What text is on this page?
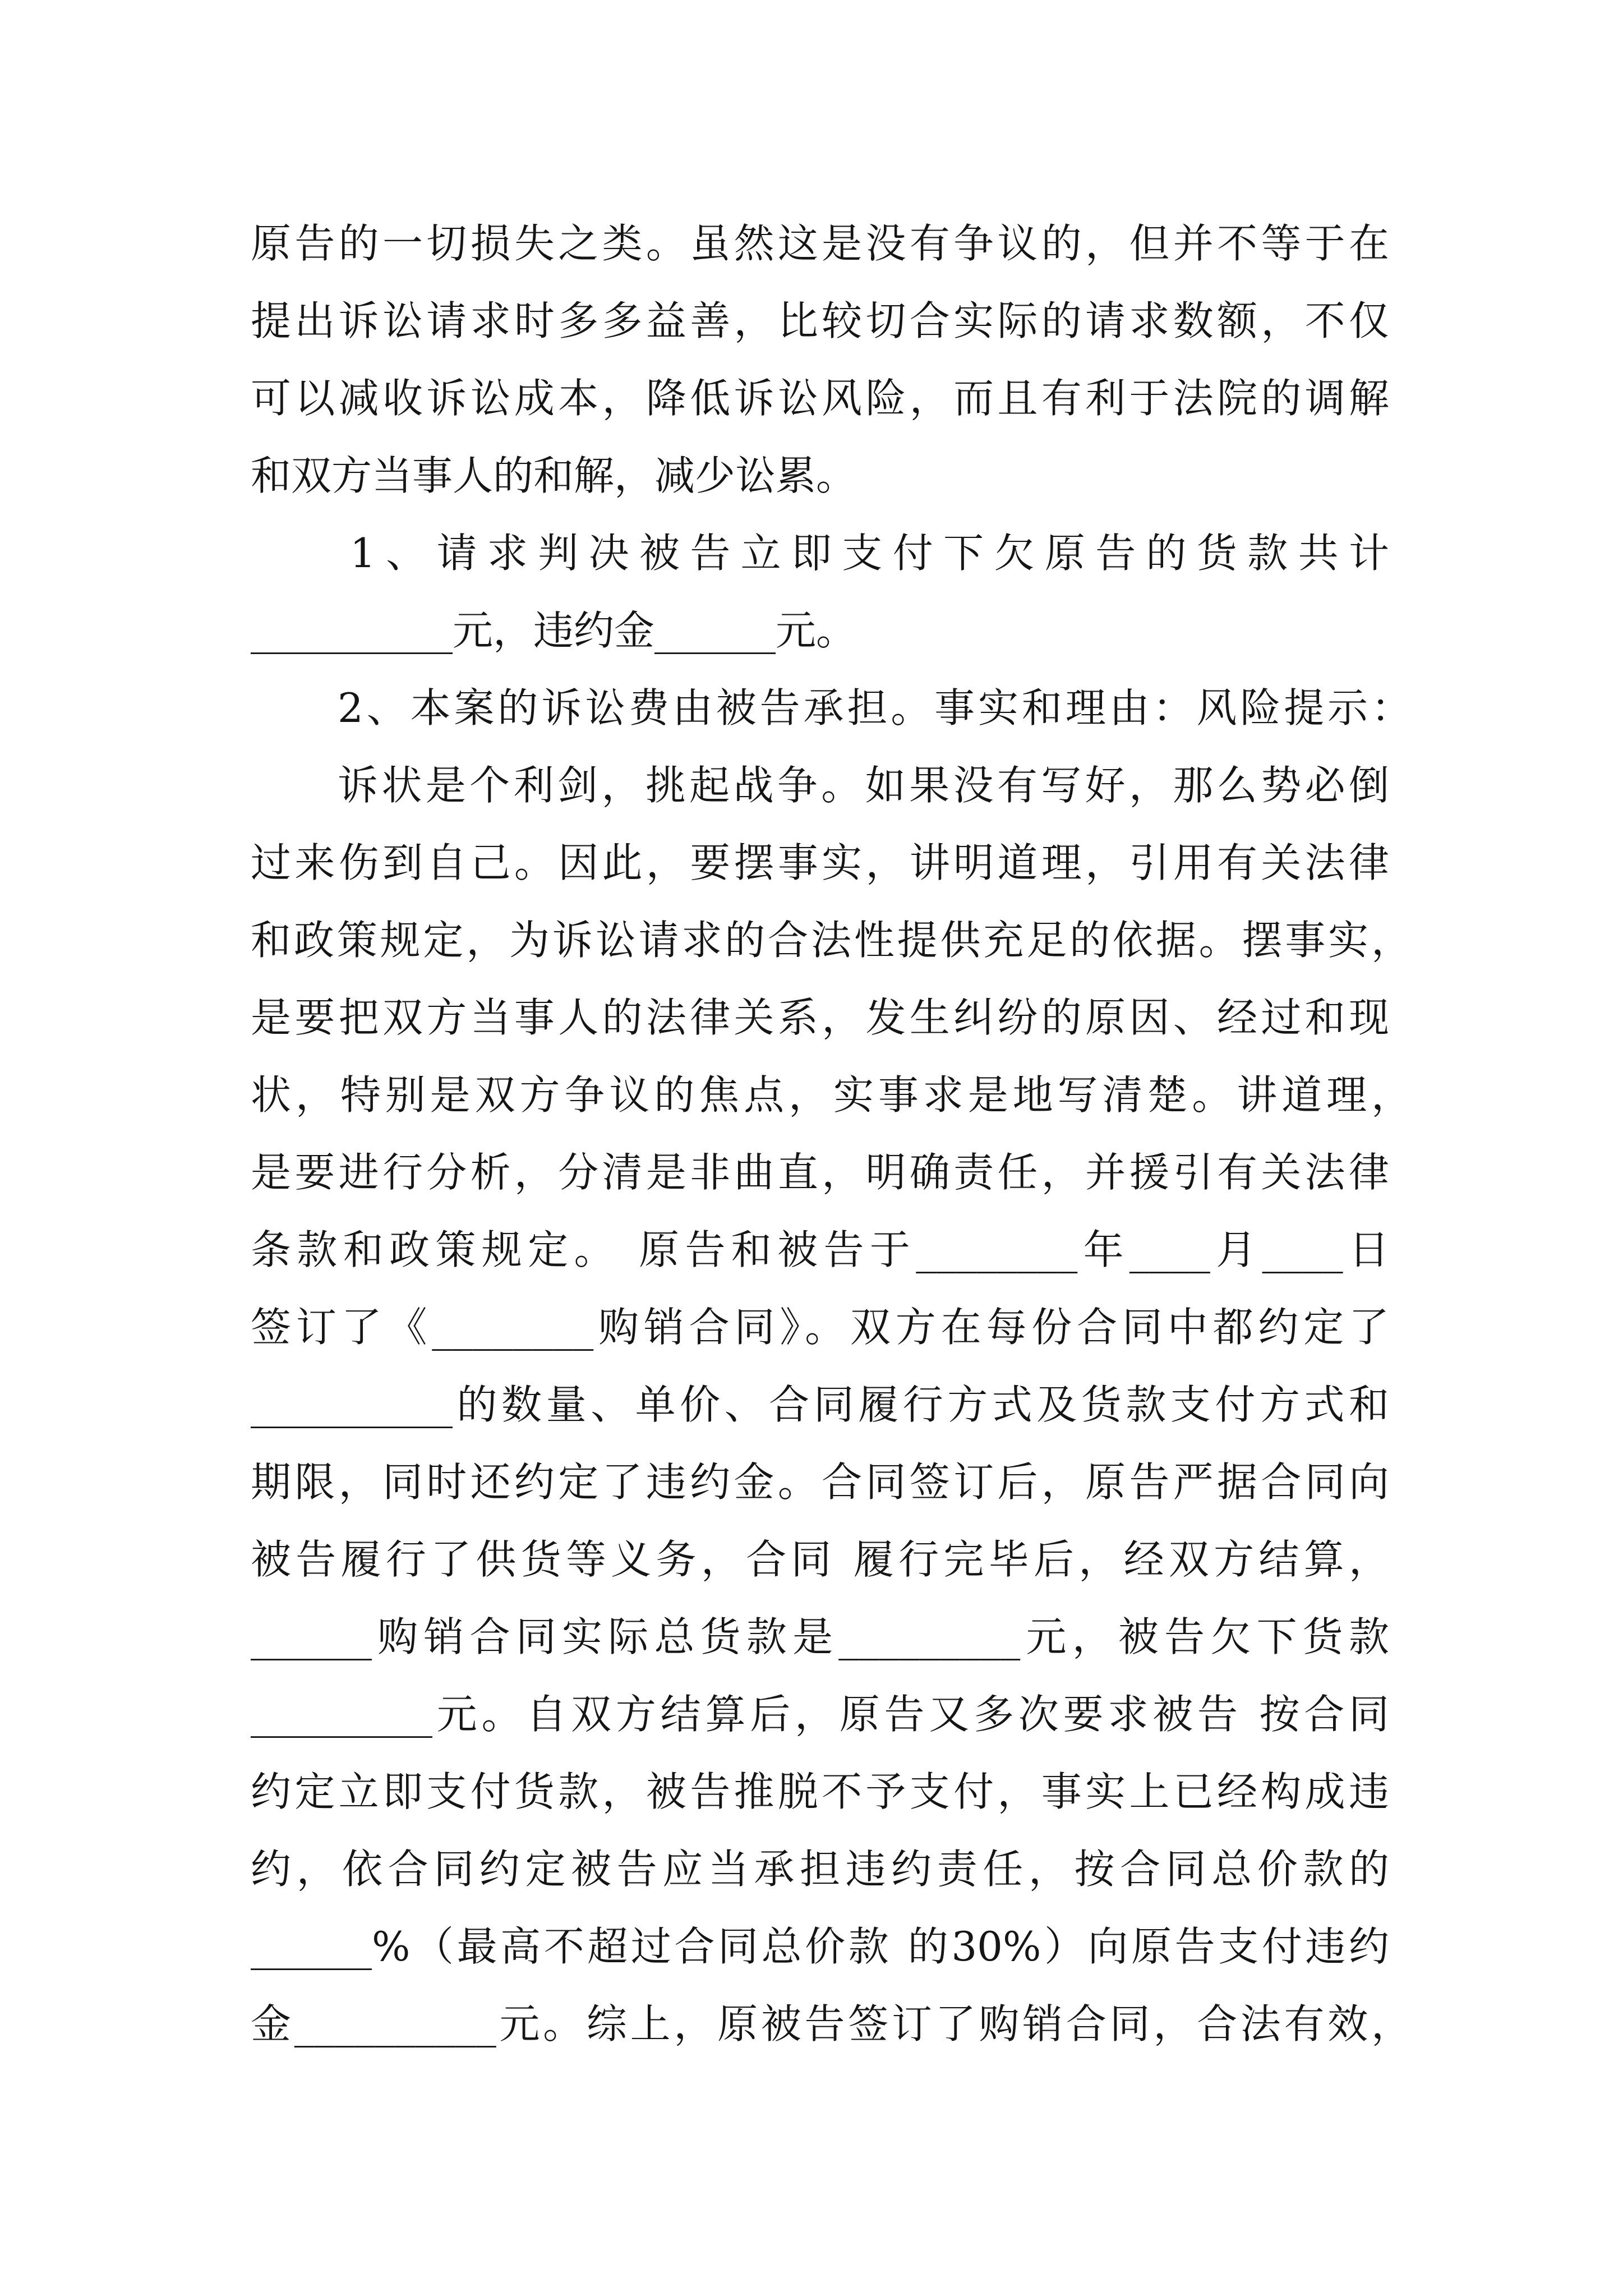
原告的一切损失之类。虽然这是没有争议的，但并不等于在
提出诉讼请求时多多益善，比较切合实际的请求数额，不仅
可以减收诉讼成本，降低诉讼风险，而且有利于法院的调解
和双方当事人的和解，减少讼累。
1、请求判决被告立即支付下欠原告的货款共计
__________元，违约金______元。
2、本案的诉讼费由被告承担。事实和理由：风险提示：
诉状是个利剑，挑起战争。如果没有写好，那么势必倒
过来伤到自己。因此，要摆事实，讲明道理，引用有关法律
和政策规定，为诉讼请求的合法性提供充足的依据。摆事实，
是要把双方当事人的法律关系，发生纠纷的原因、经过和现
状，特别是双方争议的焦点，实事求是地写清楚。讲道理，
是要进行分析，分清是非曲直，明确责任，并援引有关法律
条款和政策规定。 原告和被告于________年____月____日
签订了《________购销合同》。双方在每份合同中都约定了
__________的数量、单价、合同履行方式及货款支付方式和
期限，同时还约定了违约金。合同签订后，原告严据合同向
被告履行了供货等义务，合同 履行完毕后，经双方结算，
______购销合同实际总货款是_________元，被告欠下货款
_________元。自双方结算后，原告又多次要求被告 按合同
约定立即支付货款，被告推脱不予支付，事实上已经构成违
约，依合同约定被告应当承担违约责任，按合同总价款的
______%（最高不超过合同总价款 的30%）向原告支付违约
金__________元。综上，原被告签订了购销合同，合法有效，
